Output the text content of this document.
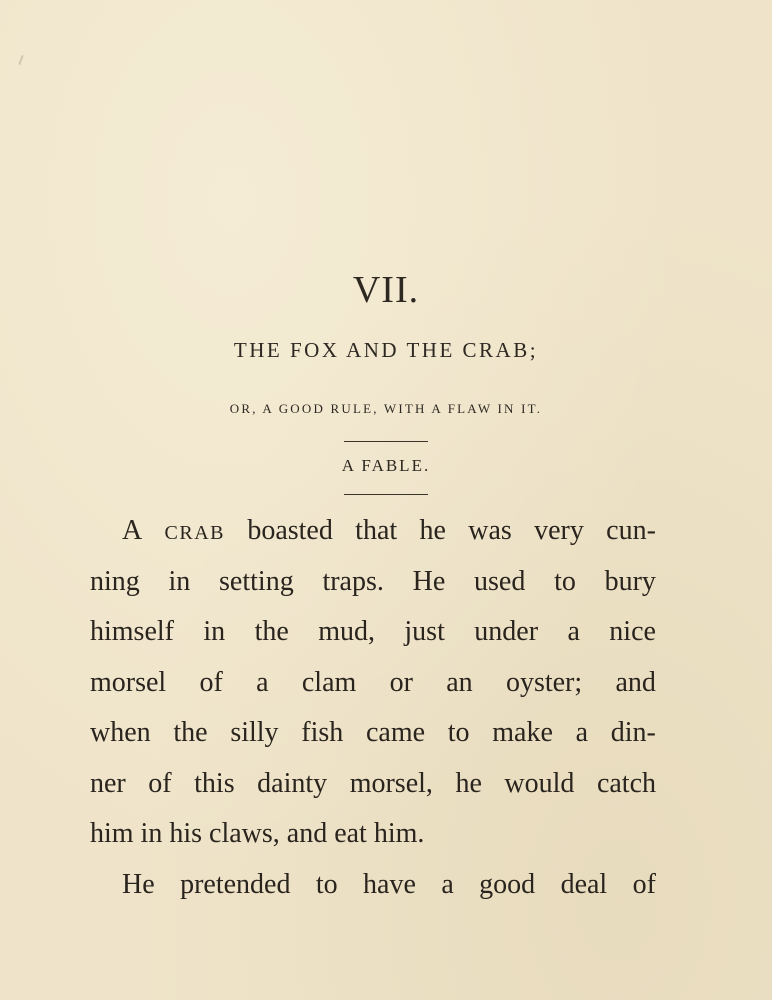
VII.
THE FOX AND THE CRAB;
OR, A GOOD RULE, WITH A FLAW IN IT.
A FABLE.
A crab boasted that he was very cun-
ning in setting traps. He used to bury
himself in the mud, just under a nice
morsel of a clam or an oyster; and
when the silly fish came to make a din-
ner of this dainty morsel, he would catch
him in his claws, and eat him.
He pretended to have a good deal of
